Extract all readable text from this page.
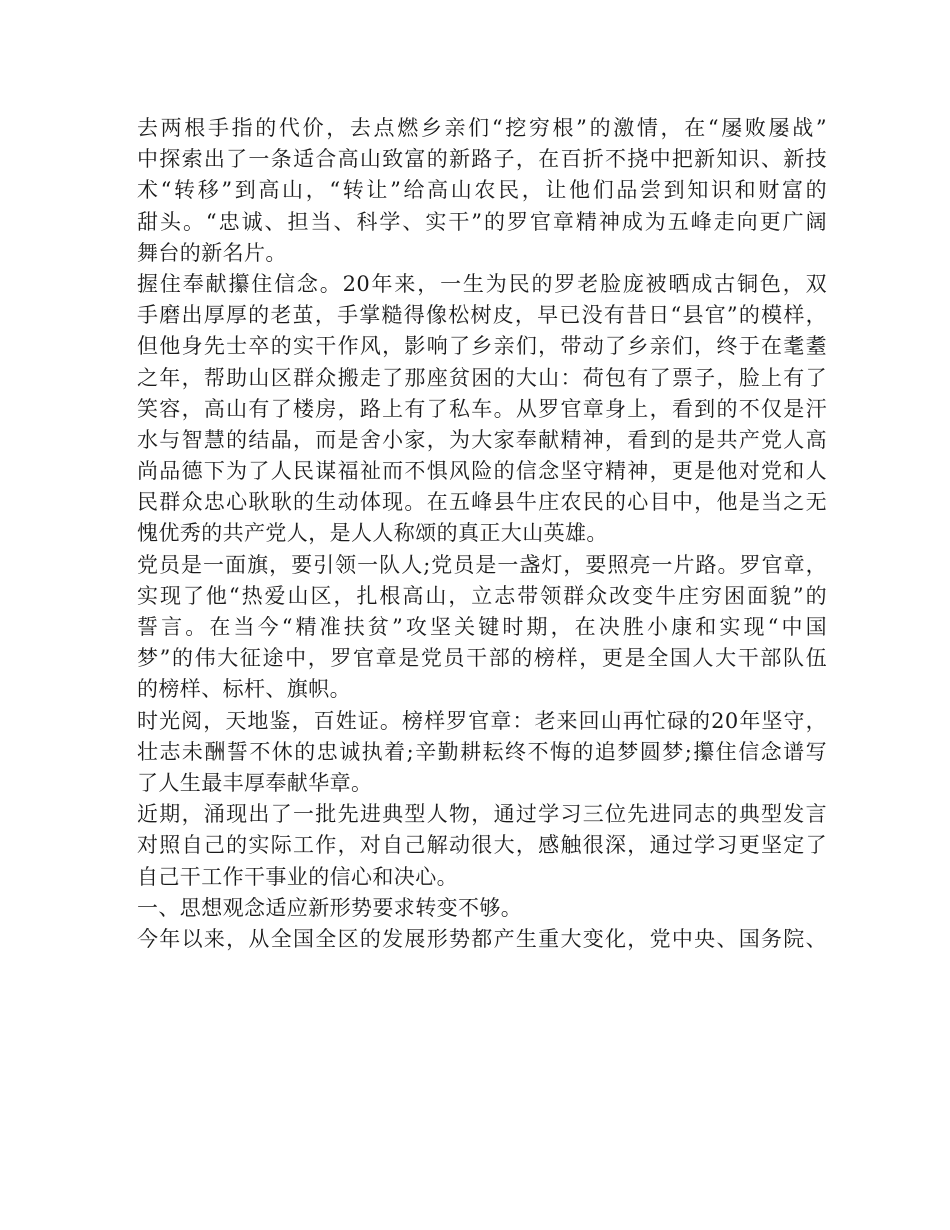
去两根手指的代价，去点燃乡亲们“挖穷根”的激情，在“屡败屡战”
中探索出了一条适合高山致富的新路子，在百折不挠中把新知识、新技
术“转移”到高山，“转让”给高山农民，让他们品尝到知识和财富的
甜头。“忠诚、担当、科学、实干”的罗官章精神成为五峰走向更广阔
舞台的新名片。
握住奉献攥住信念。20年来，一生为民的罗老脸庞被晒成古铜色，双
手磨出厚厚的老茧，手掌糙得像松树皮，早已没有昔日“县官”的模样，
但他身先士卒的实干作风，影响了乡亲们，带动了乡亲们，终于在耄耋
之年，帮助山区群众搬走了那座贫困的大山：荷包有了票子，脸上有了
笑容，高山有了楼房，路上有了私车。从罗官章身上，看到的不仅是汗
水与智慧的结晶，而是舍小家，为大家奉献精神，看到的是共产党人高
尚品德下为了人民谋福祉而不惧风险的信念坚守精神，更是他对党和人
民群众忠心耿耿的生动体现。在五峰县牛庄农民的心目中，他是当之无
愧优秀的共产党人，是人人称颂的真正大山英雄。
党员是一面旗，要引领一队人;党员是一盏灯，要照亮一片路。罗官章，
实现了他“热爱山区，扎根高山，立志带领群众改变牛庄穷困面貌”的
誓言。在当今“精准扶贫”攻坚关键时期，在决胜小康和实现“中国
梦”的伟大征途中，罗官章是党员干部的榜样，更是全国人大干部队伍
的榜样、标杆、旗帜。
时光阅，天地鉴，百姓证。榜样罗官章：老来回山再忙碌的20年坚守，
壮志未酬誓不休的忠诚执着;辛勤耕耘终不悔的追梦圆梦;攥住信念谱写
了人生最丰厚奉献华章。
近期，涌现出了一批先进典型人物，通过学习三位先进同志的典型发言
对照自己的实际工作，对自己解动很大，感触很深，通过学习更坚定了
自己干工作干事业的信心和决心。
一、思想观念适应新形势要求转变不够。
今年以来，从全国全区的发展形势都产生重大变化，党中央、国务院、
